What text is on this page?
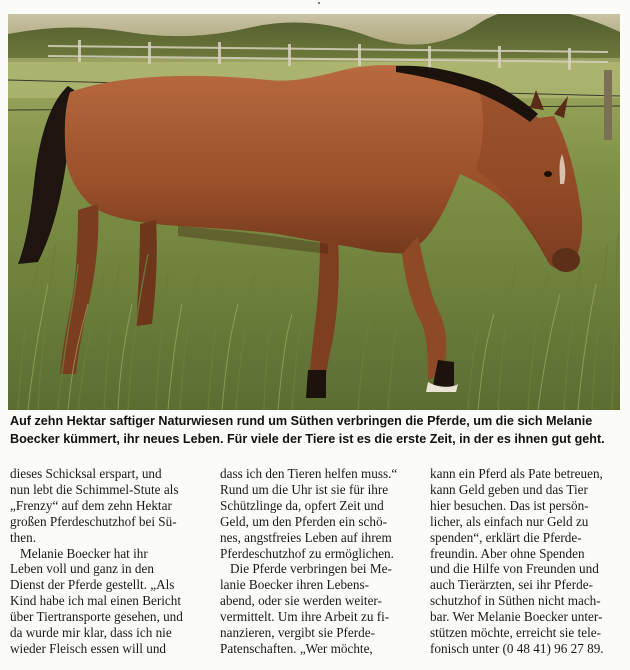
Auf zehn Hektar saftiger Naturwiesen rund um Süthen verbringen die Pferde, um die sich Melanie
Boecker kümmert, ihr neues Leben. Für viele der Tiere ist es die erste Zeit, in der es ihnen gut geht.
dieses Schicksal erspart, und
nun lebt die Schimmel-Stute als
„Frenzy“ auf dem zehn Hektar
großen Pferdeschutzhof bei Sü-
then.
Melanie Boecker hat ihr
Leben voll und ganz in den
Dienst der Pferde gestellt. „Als
Kind habe ich mal einen Bericht
über Tiertransporte gesehen, und
da wurde mir klar, dass ich nie
wieder Fleisch essen will und
dass ich den Tieren helfen muss.“
Rund um die Uhr ist sie für ihre
Schützlinge da, opfert Zeit und
Geld, um den Pferden ein schö-
nes, angstfreies Leben auf ihrem
Pferdeschutzhof zu ermöglichen.
Die Pferde verbringen bei Me-
lanie Boecker ihren Lebens-
abend, oder sie werden weiter-
vermittelt. Um ihre Arbeit zu fi-
nanzieren, vergibt sie Pferde-
Patenschaften. „Wer möchte,
kann ein Pferd als Pate betreuen,
kann Geld geben und das Tier
hier besuchen. Das ist persön-
licher, als einfach nur Geld zu
spenden“, erklärt die Pferde-
freundin. Aber ohne Spenden
und die Hilfe von Freunden und
auch Tierärzten, sei ihr Pferde-
schutzhof in Süthen nicht mach-
bar. Wer Melanie Boecker unter-
stützen möchte, erreicht sie tele-
fonisch unter (0 48 41) 96 27 89.
